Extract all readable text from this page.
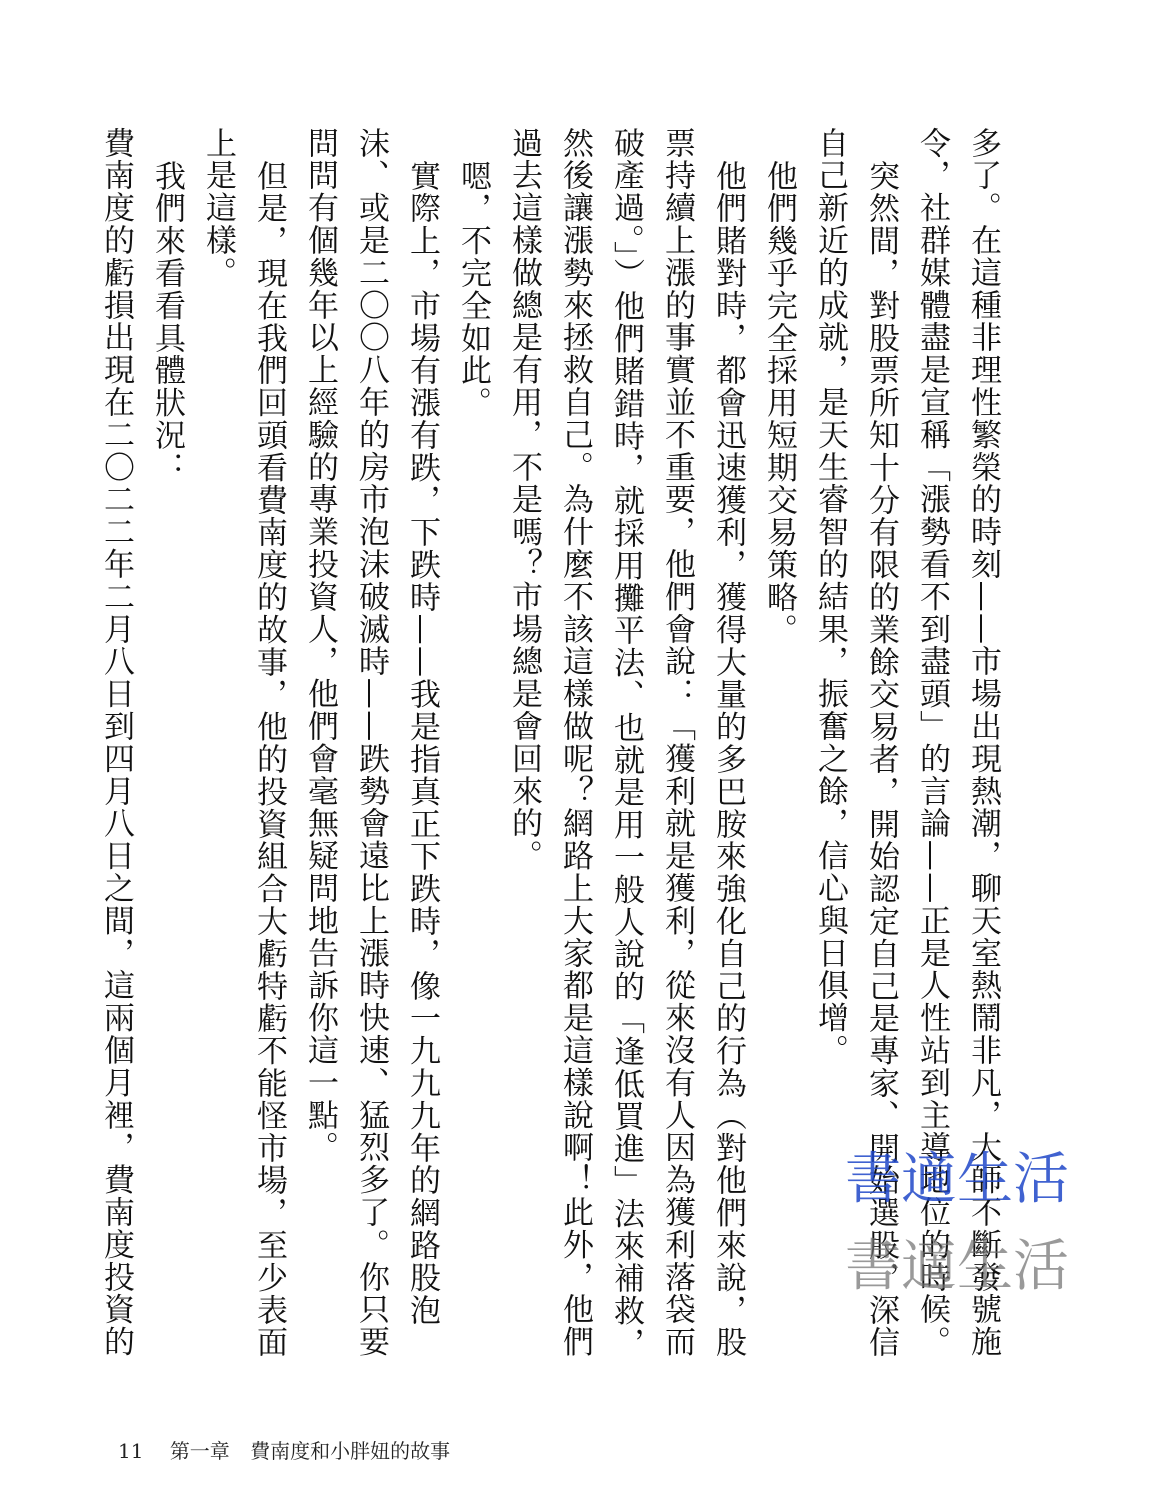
多了。在這種非理性繁榮的時刻——市場出現熱潮，聊天室熱鬧非凡，大師不斷發號施令，社群媒體盡是宣稱「漲勢看不到盡頭」的言論——正是人性站到主導地位的時候。

突然間，對股票所知十分有限的業餘交易者，開始認定自己是專家、開始選股，深信自己新近的成就，是天生睿智的結果，振奮之餘，信心與日俱增。

他們幾乎完全採用短期交易策略。

他們賭對時，都會迅速獲利，獲得大量的多巴胺來強化自己的行為（對他們來說，股票持續上漲的事實並不重要，他們會說：「獲利就是獲利，從來沒有人因為獲利落袋而破產過。」）他們賭錯時，就採用攤平法、也就是用一般人說的「逢低買進」法來補救，然後讓漲勢來拯救自己。為什麼不該這樣做呢？網路上大家都是這樣說啊！此外，他們過去這樣做總是有用，不是嗎？市場總是會回來的。

嗯，不完全如此。

實際上，市場有漲有跌，下跌時——我是指真正下跌時，像一九九九年的網路股泡沫、或是二〇〇八年的房市泡沫破滅時——跌勢會遠比上漲時快速、猛烈多了。你只要問問有個幾年以上經驗的專業投資人，他們會毫無疑問地告訴你這一點。

但是，現在我們回頭看費南度的故事，他的投資組合大虧特虧不能怪市場，至少表面上是這樣。

我們來看看具體狀況：

費南度的虧損出現在二〇二二年二月八日到四月八日之間，這兩個月裡，費南度投資的	書適生活
書適生活
11 第一章 費南度和小胖妞的故事
